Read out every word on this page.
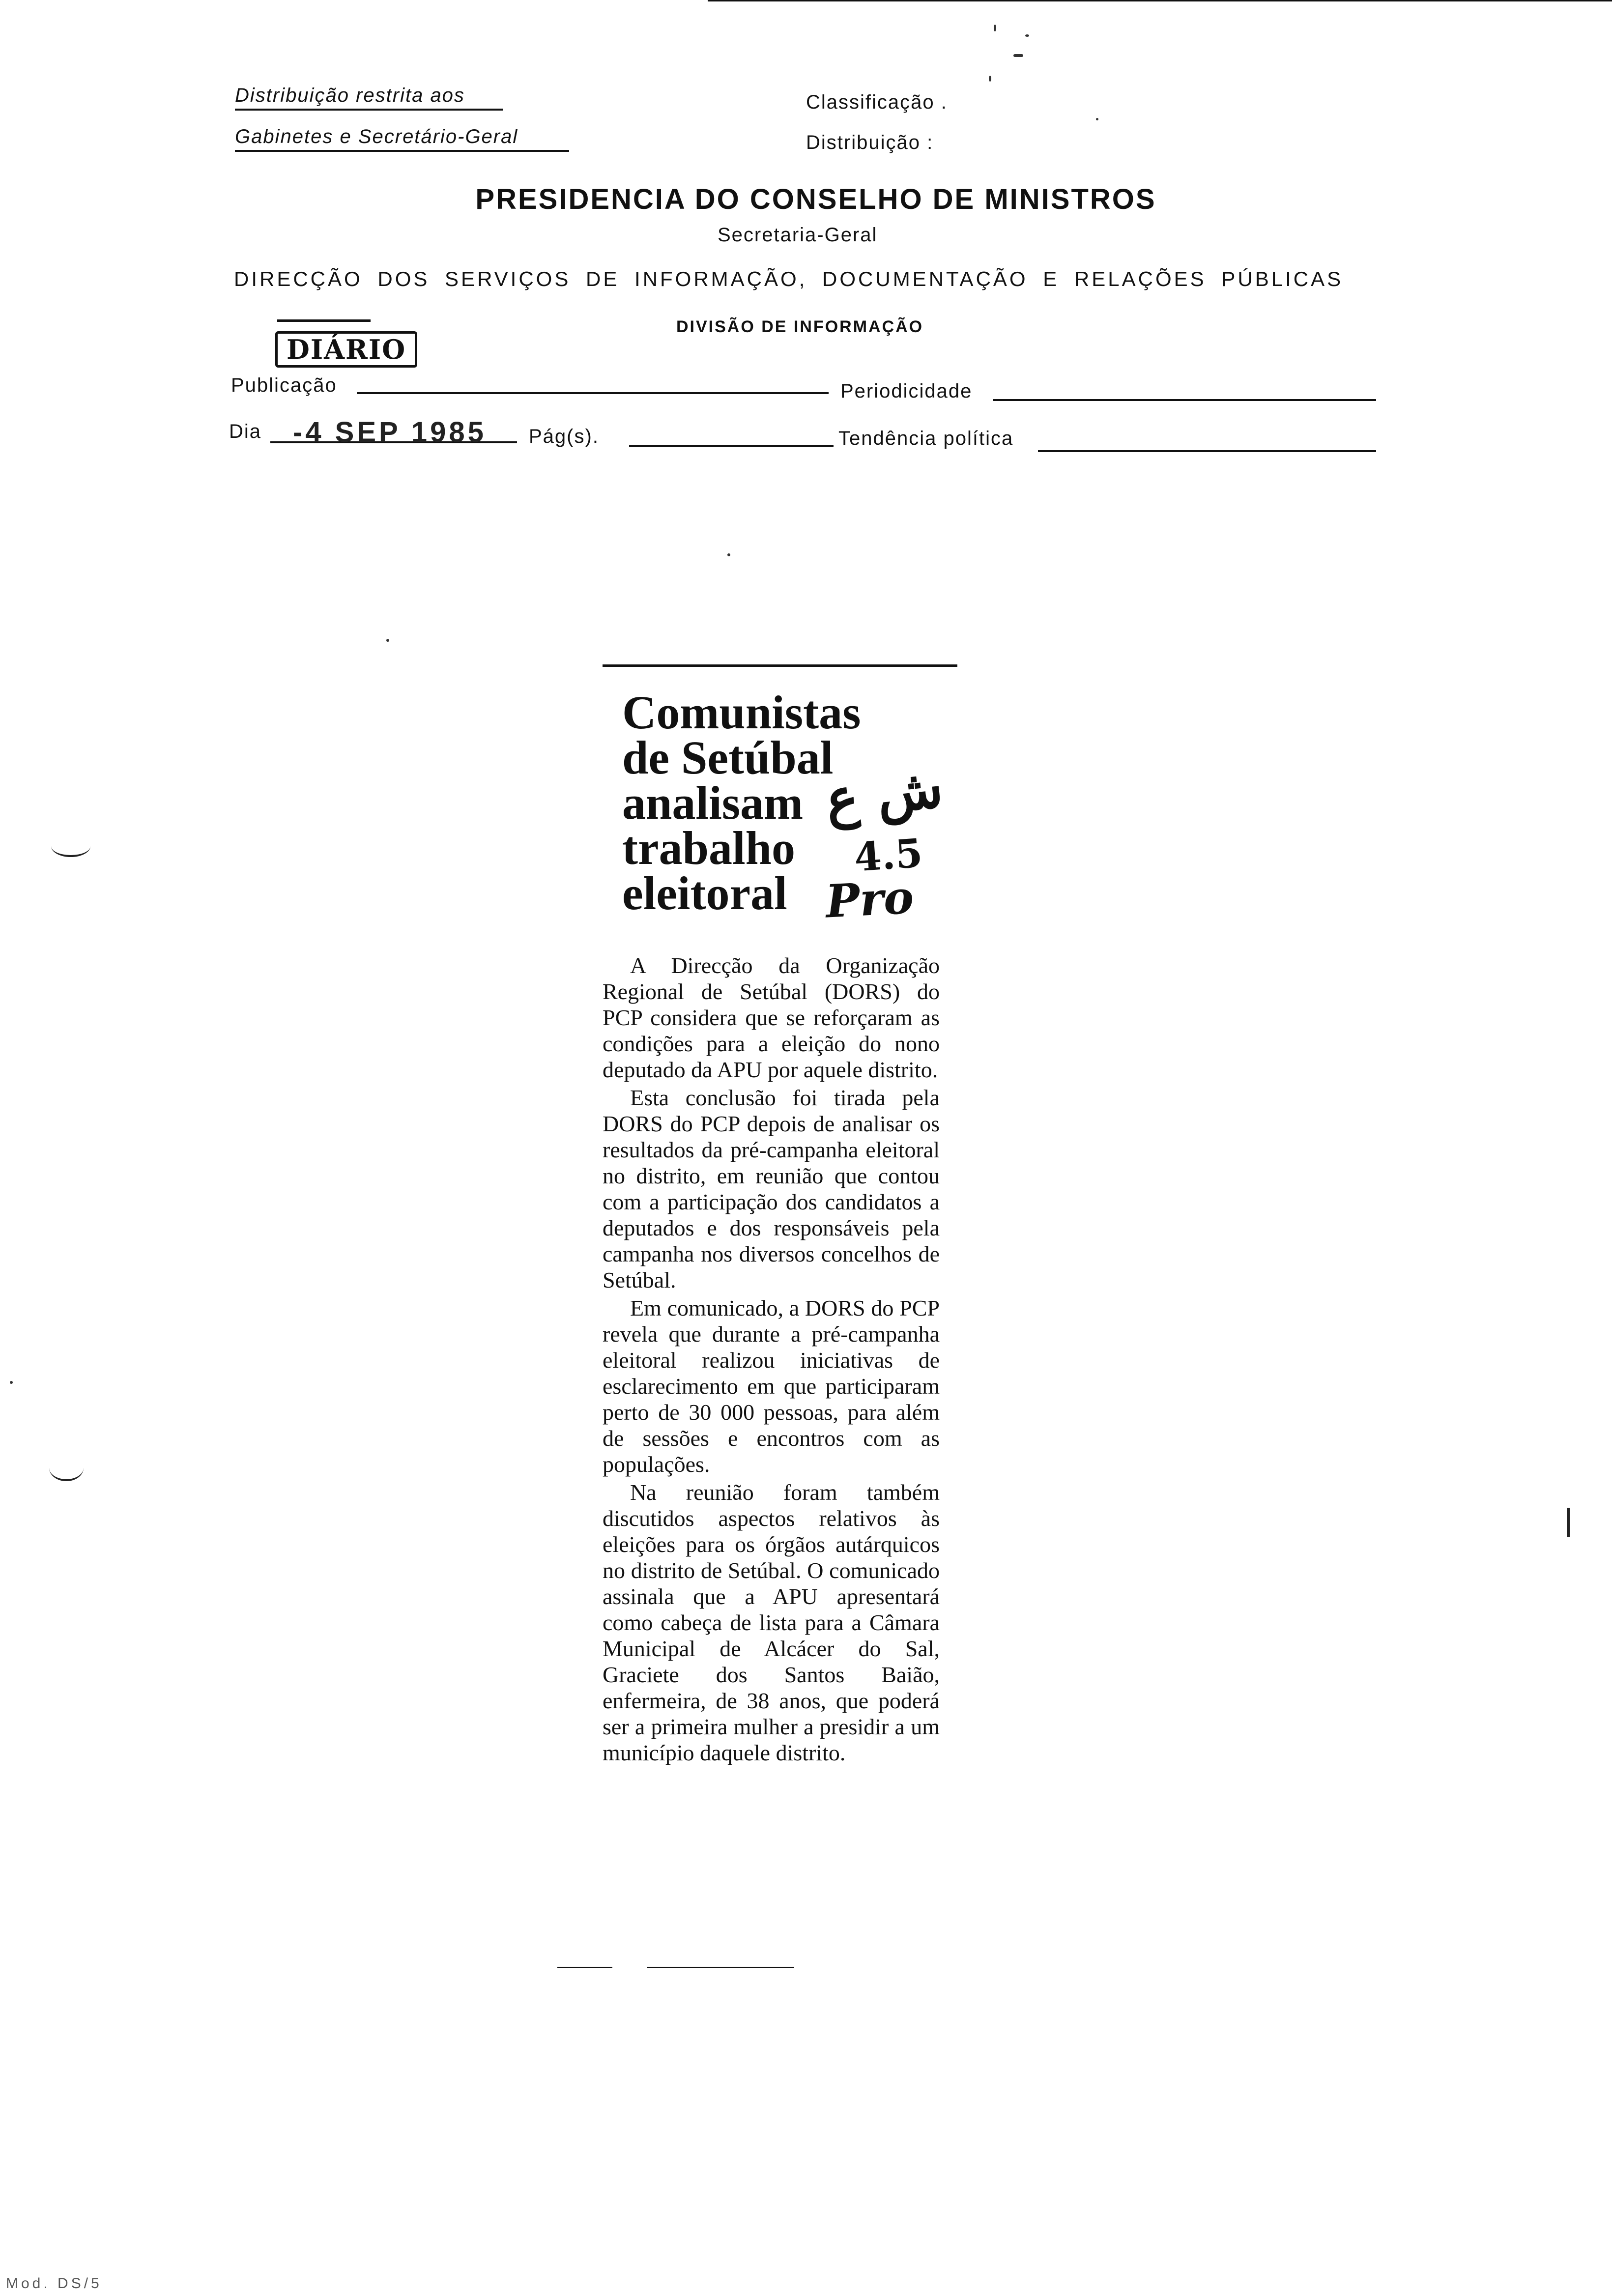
Distribuição restrita aos
Gabinetes e Secretário-Geral
Classificação .
Distribuição :
PRESIDENCIA DO CONSELHO DE MINISTROS
Secretaria-Geral
DIRECÇÃO DOS SERVIÇOS DE INFORMAÇÃO, DOCUMENTAÇÃO E RELAÇÕES PÚBLICAS
DIVISÃO DE INFORMAÇÃO
DIÁRIO
Publicação	Periodicidade
Dia -4 SEP 1985 Pág(s).	Tendência política
Comunistas
de Setúbal
analisam
trabalho
eleitoral
ش ع
4.5
Pro

A Direcção da Organização Regional de Setúbal (DORS) do PCP considera que se reforçaram as condições para a eleição do nono deputado da APU por aquele distrito.

Esta conclusão foi tirada pela DORS do PCP depois de analisar os resultados da pré-campanha eleitoral no distrito, em reunião que contou com a participação dos candidatos a deputados e dos responsáveis pela campanha nos diversos concelhos de Setúbal.

Em comunicado, a DORS do PCP revela que durante a pré-campanha eleitoral realizou iniciativas de esclarecimento em que participaram perto de 30 000 pessoas, para além de sessões e encontros com as populações.

Na reunião foram também discutidos aspectos relativos às eleições para os órgãos autárquicos no distrito de Setúbal. O comunicado assinala que a APU apresentará como cabeça de lista para a Câmara Municipal de Alcácer do Sal, Graciete dos Santos Baião, enfermeira, de 38 anos, que poderá ser a primeira mulher a presidir a um município daquele distrito.

Mod. DS/5
